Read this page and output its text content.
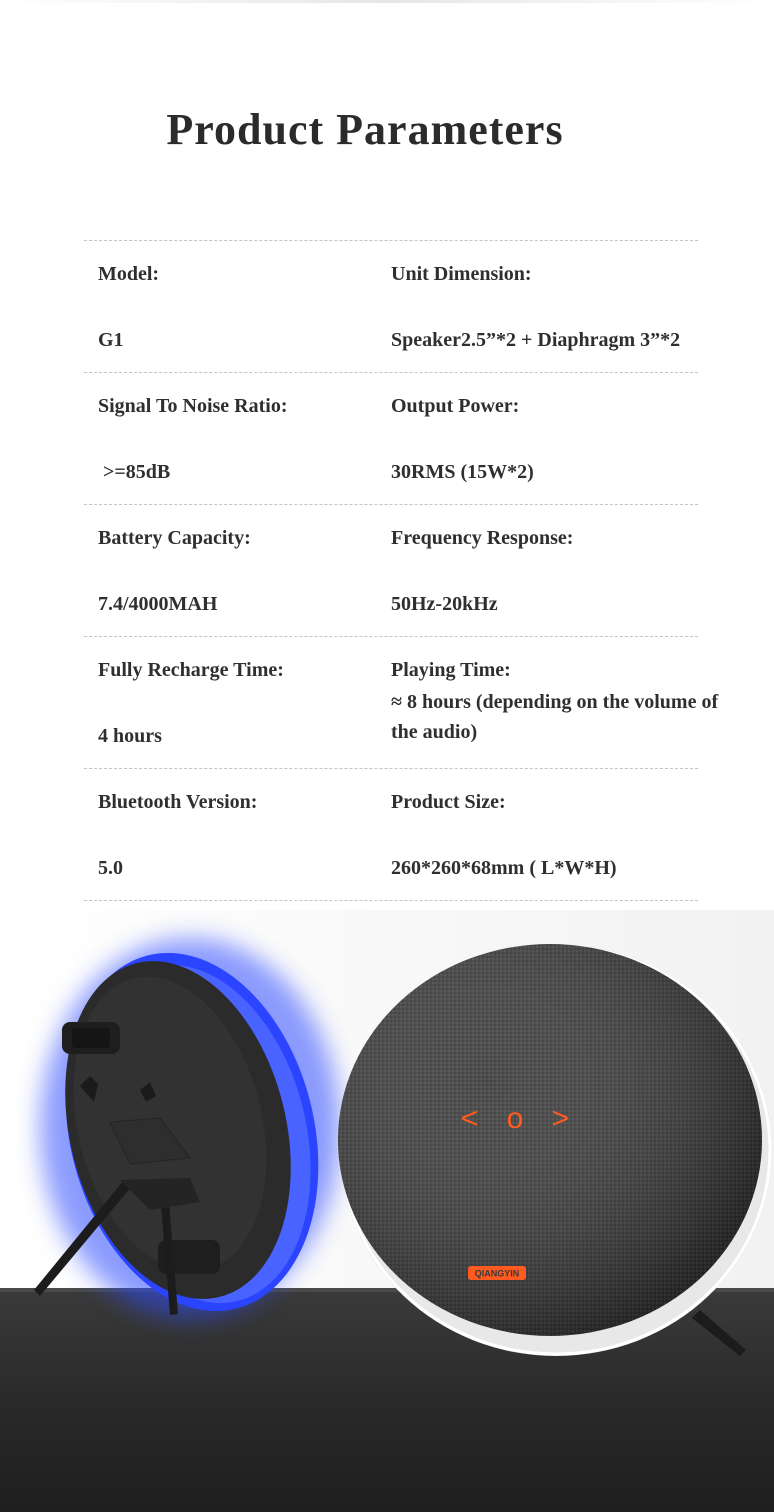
Product Parameters
Model:
G1
Unit Dimension:
Speaker2.5”*2 + Diaphragm 3”*2
Signal To Noise Ratio:
>=85dB
Output Power:
30RMS (15W*2)
Battery Capacity:
7.4/4000MAH
Frequency Response:
50Hz-20kHz
Fully Recharge Time:
4 hours
Playing Time:
≈ 8 hours (depending on the volume of the audio)
Bluetooth Version:
5.0
Product Size:
260*260*68mm ( L*W*H)
< o >
QIANGYIN
